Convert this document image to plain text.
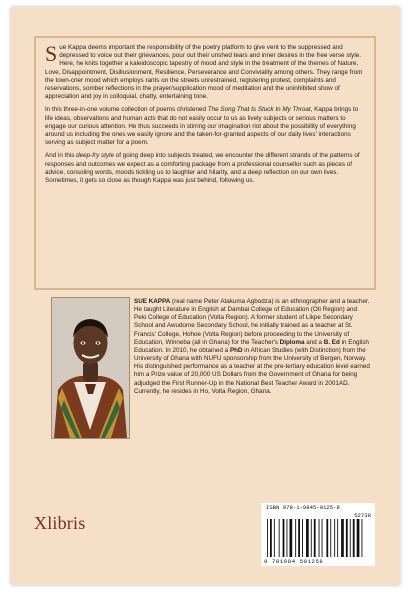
Sue Kappa deems important the responsibility of the poetry platform to give vent to the suppressed and depressed to voice out their grievances, pour out their unshed tears and inner desires in the free verse style. Here, he knits together a kaleidoscopic tapestry of mood and style in the treatment of the themes of Nature, Love, Disappointment, Disillusionment, Resilience, Perseverance and Conviviality among others. They range from the town-crier mood which employs rants on the streets unrestrained, registering protest, complaints and reservations, somber reflections in the prayer/supplication mood of meditation and the uninhibited show of appreciation and joy in colloquial, chatty, entertaining tone.

In this three-in-one volume collection of poems christened The Song That Is Stuck In My Throat, Kappa brings to life ideas, observations and human acts that do not easily occur to us as lively subjects or serious matters to engage our curious attention. He thus succeeds in stirring our imagination riot about the possibility of everything around us including the ones we easily ignore and the taken-for-granted aspects of our daily lives' interactions serving as subject matter for a poem.

And in this deep-fry style of going deep into subjects treated, we encounter the different strands of the patterns of responses and outcomes we expect as a comforting package from a professional counsellor such as pieces of advice, consoling words, moods tickling us to laughter and hilarity, and a deep reflection on our own lives. Sometimes, it gets so close as though Kappa was just behind, following us.

SUE KAPPA (real name Peter Atakuma Agbodza) is an ethnographer and a teacher. He taught Literature in English at Dambai College of Education (Oti Region) and Peki College of Education (Volta Region). A former student of Likpe Secondary School and Awudome Secondary School, he initially trained as a teacher at St. Francis' College, Hohoe (Volta Region) before proceeding to the University of Education, Winneba (all in Ghana) for the Teacher's Diploma and a B. Ed in English Education. In 2010, he obtained a PhD in African Studies (with Distinction) from the University of Ghana with NUFU sponsorship from the University of Bergen, Norway. His distinguished performance as a teacher at the pre-tertiary education level earned him a Prize value of 20,000 US Dollars from the Government of Ghana for being adjudged the First Runner-Up in the National Best Teacher Award in 2001AD. Currently, he resides in Ho, Volta Region, Ghana.
Xlibris
ISBN 978-1-9845-9125-8
52738
9 781984 591258
